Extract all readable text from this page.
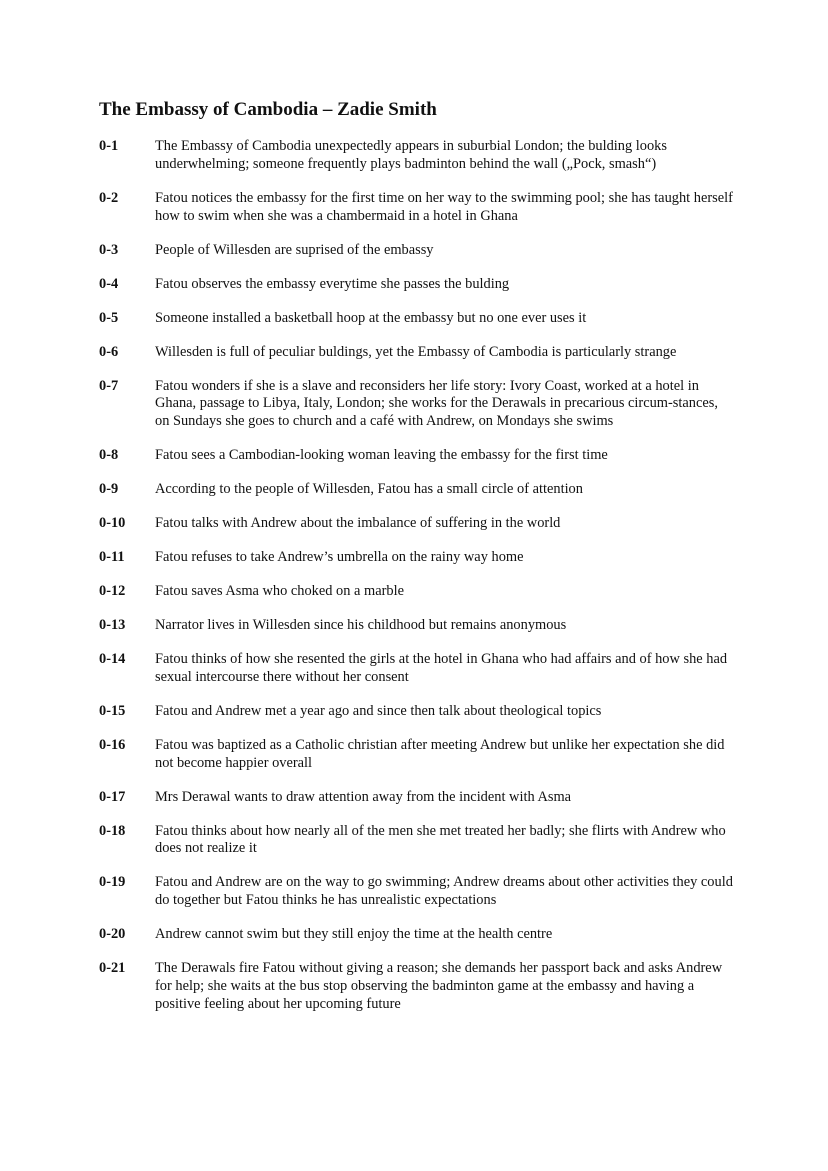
The Embassy of Cambodia – Zadie Smith
0-1	The Embassy of Cambodia unexpectedly appears in suburbial London; the bulding looks underwhelming; someone frequently plays badminton behind the wall („Pock, smash“)
0-2	Fatou notices the embassy for the first time on her way to the swimming pool; she has taught herself how to swim when she was a chambermaid in a hotel in Ghana
0-3	People of Willesden are suprised of the embassy
0-4	Fatou observes the embassy everytime she passes the bulding
0-5	Someone installed a basketball hoop at the embassy but no one ever uses it
0-6	Willesden is full of peculiar buldings, yet the Embassy of Cambodia is particularly strange
0-7	Fatou wonders if she is a slave and reconsiders her life story: Ivory Coast, worked at a hotel in Ghana, passage to Libya, Italy, London; she works for the Derawals in precarious circum-stances, on Sundays she goes to church and a café with Andrew, on Mondays she swims
0-8	Fatou sees a Cambodian-looking woman leaving the embassy for the first time
0-9	According to the people of Willesden, Fatou has a small circle of attention
0-10	Fatou talks with Andrew about the imbalance of suffering in the world
0-11	Fatou refuses to take Andrew’s umbrella on the rainy way home
0-12	Fatou saves Asma who choked on a marble
0-13	Narrator lives in Willesden since his childhood but remains anonymous
0-14	Fatou thinks of how she resented the girls at the hotel in Ghana who had affairs and of how she had sexual intercourse there without her consent
0-15	Fatou and Andrew met a year ago and since then talk about theological topics
0-16	Fatou was baptized as a Catholic christian after meeting Andrew but unlike her expectation she did not become happier overall
0-17	Mrs Derawal wants to draw attention away from the incident with Asma
0-18	Fatou thinks about how nearly all of the men she met treated her badly; she flirts with Andrew who does not realize it
0-19	Fatou and Andrew are on the way to go swimming; Andrew dreams about other activities they could do together but Fatou thinks he has unrealistic expectations
0-20	Andrew cannot swim but they still enjoy the time at the health centre
0-21	The Derawals fire Fatou without giving a reason; she demands her passport back and asks Andrew for help; she waits at the bus stop observing the badminton game at the embassy and having a positive feeling about her upcoming future
